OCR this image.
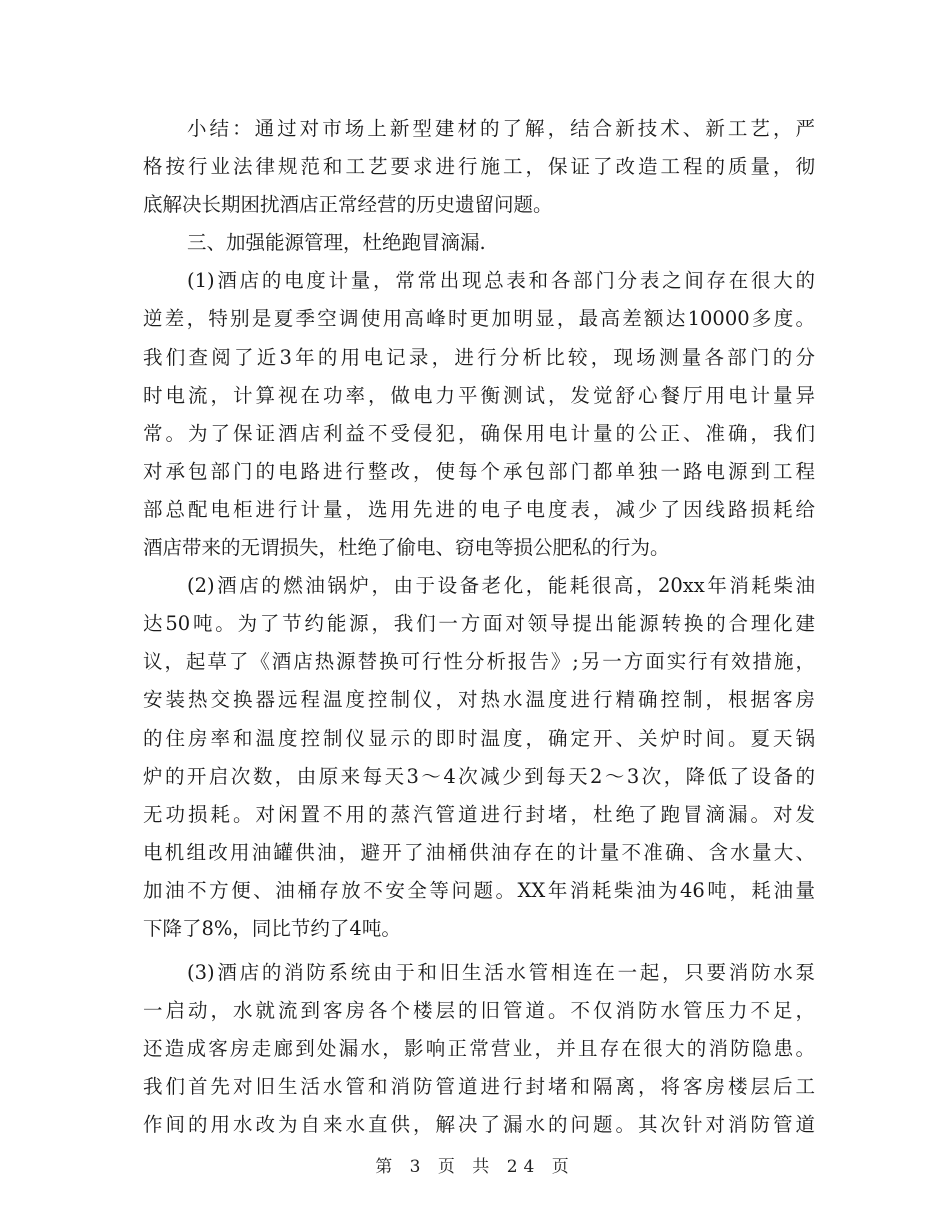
小结：通过对市场上新型建材的了解，结合新技术、新工艺，严
格按行业法律规范和工艺要求进行施工，保证了改造工程的质量，彻
底解决长期困扰酒店正常经营的历史遗留问题。
三、加强能源管理，杜绝跑冒滴漏.
(1)酒店的电度计量，常常出现总表和各部门分表之间存在很大的
逆差，特别是夏季空调使用高峰时更加明显，最高差额达10000多度。
我们查阅了近3年的用电记录，进行分析比较，现场测量各部门的分
时电流，计算视在功率，做电力平衡测试，发觉舒心餐厅用电计量异
常。为了保证酒店利益不受侵犯，确保用电计量的公正、准确，我们
对承包部门的电路进行整改，使每个承包部门都单独一路电源到工程
部总配电柜进行计量，选用先进的电子电度表，减少了因线路损耗给
酒店带来的无谓损失，杜绝了偷电、窃电等损公肥私的行为。
(2)酒店的燃油锅炉，由于设备老化，能耗很高，20xx年消耗柴油
达50吨。为了节约能源，我们一方面对领导提出能源转换的合理化建
议，起草了《酒店热源替换可行性分析报告》;另一方面实行有效措施，
安装热交换器远程温度控制仪，对热水温度进行精确控制，根据客房
的住房率和温度控制仪显示的即时温度，确定开、关炉时间。夏天锅
炉的开启次数，由原来每天3～4次减少到每天2～3次，降低了设备的
无功损耗。对闲置不用的蒸汽管道进行封堵，杜绝了跑冒滴漏。对发
电机组改用油罐供油，避开了油桶供油存在的计量不准确、含水量大、
加油不方便、油桶存放不安全等问题。XX年消耗柴油为46吨，耗油量
下降了8%，同比节约了4吨。
(3)酒店的消防系统由于和旧生活水管相连在一起，只要消防水泵
一启动，水就流到客房各个楼层的旧管道。不仅消防水管压力不足，
还造成客房走廊到处漏水，影响正常营业，并且存在很大的消防隐患。
我们首先对旧生活水管和消防管道进行封堵和隔离，将客房楼层后工
作间的用水改为自来水直供，解决了漏水的问题。其次针对消防管道
第 3 页 共 24 页
